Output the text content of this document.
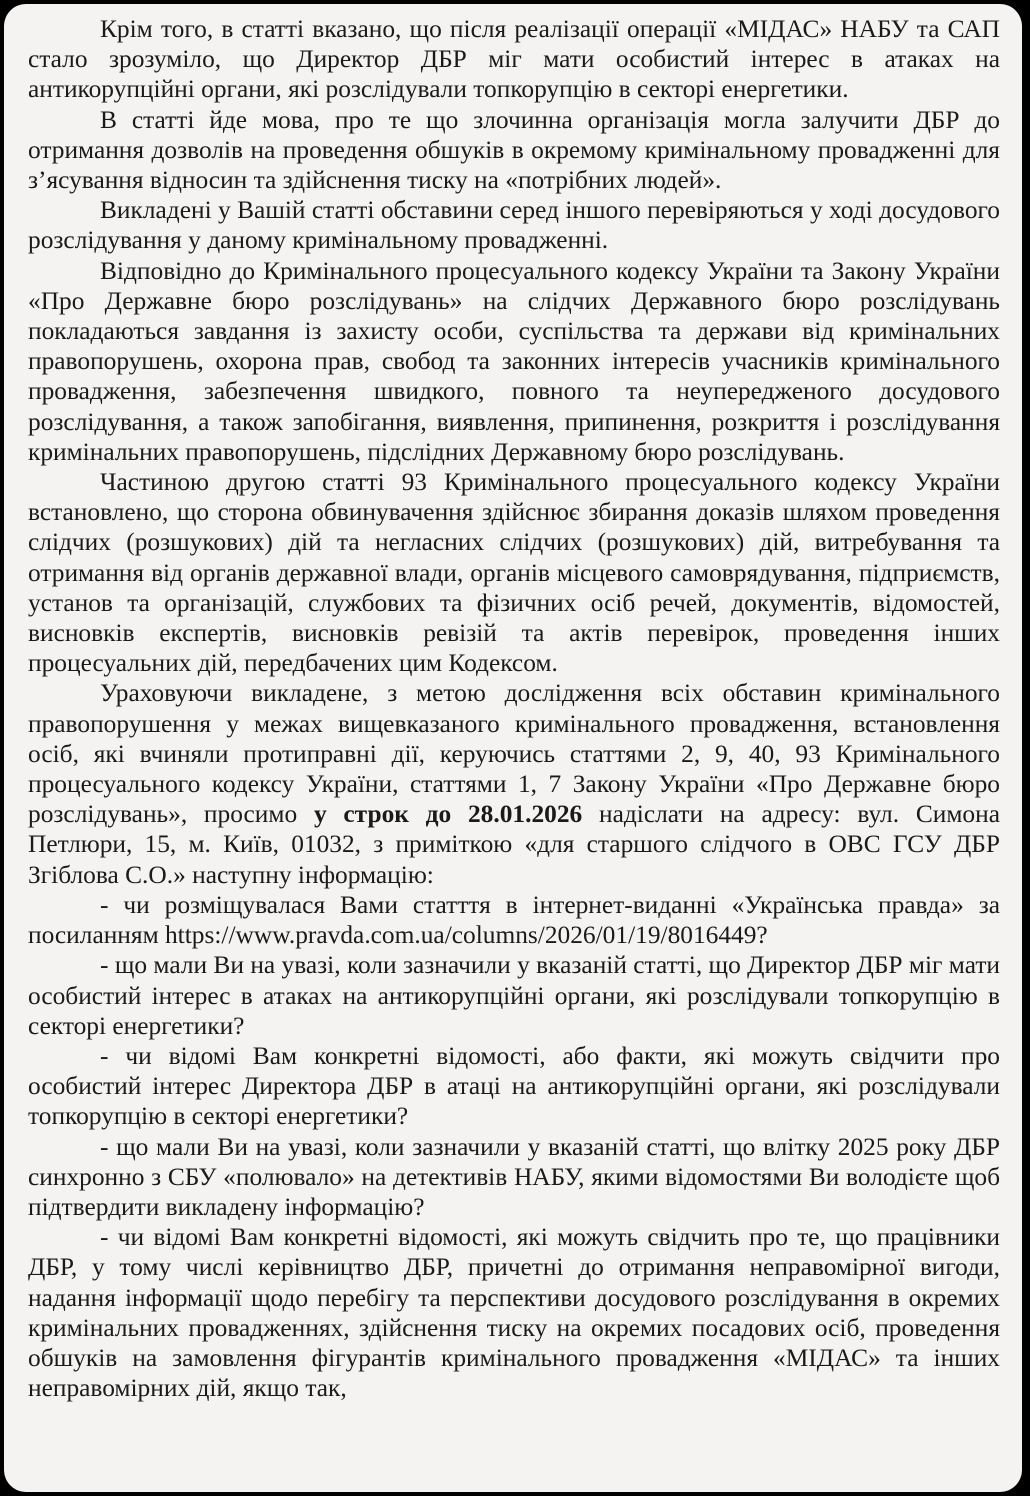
Крім того, в статті вказано, що після реалізації операції «МІДАС» НАБУ та САП стало зрозуміло, що Директор ДБР міг мати особистий інтерес в атаках на антикорупційні органи, які розслідували топкорупцію в секторі енергетики.

В статті йде мова, про те що злочинна організація могла залучити ДБР до отримання дозволів на проведення обшуків в окремому кримінальному провадженні для з’ясування відносин та здійснення тиску на «потрібних людей».

Викладені у Вашій статті обставини серед іншого перевіряються у ході досудового розслідування у даному кримінальному провадженні.

Відповідно до Кримінального процесуального кодексу України та Закону України «Про Державне бюро розслідувань» на слідчих Державного бюро розслідувань покладаються завдання із захисту особи, суспільства та держави від кримінальних правопорушень, охорона прав, свобод та законних інтересів учасників кримінального провадження, забезпечення швидкого, повного та неупередженого досудового розслідування, а також запобігання, виявлення, припинення, розкриття і розслідування кримінальних правопорушень, підслідних Державному бюро розслідувань.

Частиною другою статті 93 Кримінального процесуального кодексу України встановлено, що сторона обвинувачення здійснює збирання доказів шляхом проведення слідчих (розшукових) дій та негласних слідчих (розшукових) дій, витребування та отримання від органів державної влади, органів місцевого самоврядування, підприємств, установ та організацій, службових та фізичних осіб речей, документів, відомостей, висновків експертів, висновків ревізій та актів перевірок, проведення інших процесуальних дій, передбачених цим Кодексом.

Ураховуючи викладене, з метою дослідження всіх обставин кримінального правопорушення у межах вищевказаного кримінального провадження, встановлення осіб, які вчиняли протиправні дії, керуючись статтями 2, 9, 40, 93 Кримінального процесуального кодексу України, статтями 1, 7 Закону України «Про Державне бюро розслідувань», просимо у строк до 28.01.2026 надіслати на адресу: вул. Симона Петлюри, 15, м. Київ, 01032, з приміткою «для старшого слідчого в ОВС ГСУ ДБР Згіблова С.О.» наступну інформацію:

- чи розміщувалася Вами статття в інтернет-виданні «Українська правда» за посиланням https://www.pravda.com.ua/columns/2026/01/19/8016449?

- що мали Ви на увазі, коли зазначили у вказаній статті, що Директор ДБР міг мати особистий інтерес в атаках на антикорупційні органи, які розслідували топкорупцію в секторі енергетики?

- чи відомі Вам конкретні відомості, або факти, які можуть свідчити про особистий інтерес Директора ДБР в атаці на антикорупційні органи, які розслідували топкорупцію в секторі енергетики?

- що мали Ви на увазі, коли зазначили у вказаній статті, що влітку 2025 року ДБР синхронно з СБУ «полювало» на детективів НАБУ, якими відомостями Ви володієте щоб підтвердити викладену інформацію?

- чи відомі Вам конкретні відомості, які можуть свідчить про те, що працівники ДБР, у тому числі керівництво ДБР, причетні до отримання неправомірної вигоди, надання інформації щодо перебігу та перспективи досудового розслідування в окремих кримінальних провадженнях, здійснення тиску на окремих посадових осіб, проведення обшуків на замовлення фігурантів кримінального провадження «МІДАС» та інших неправомірних дій, якщо так,
